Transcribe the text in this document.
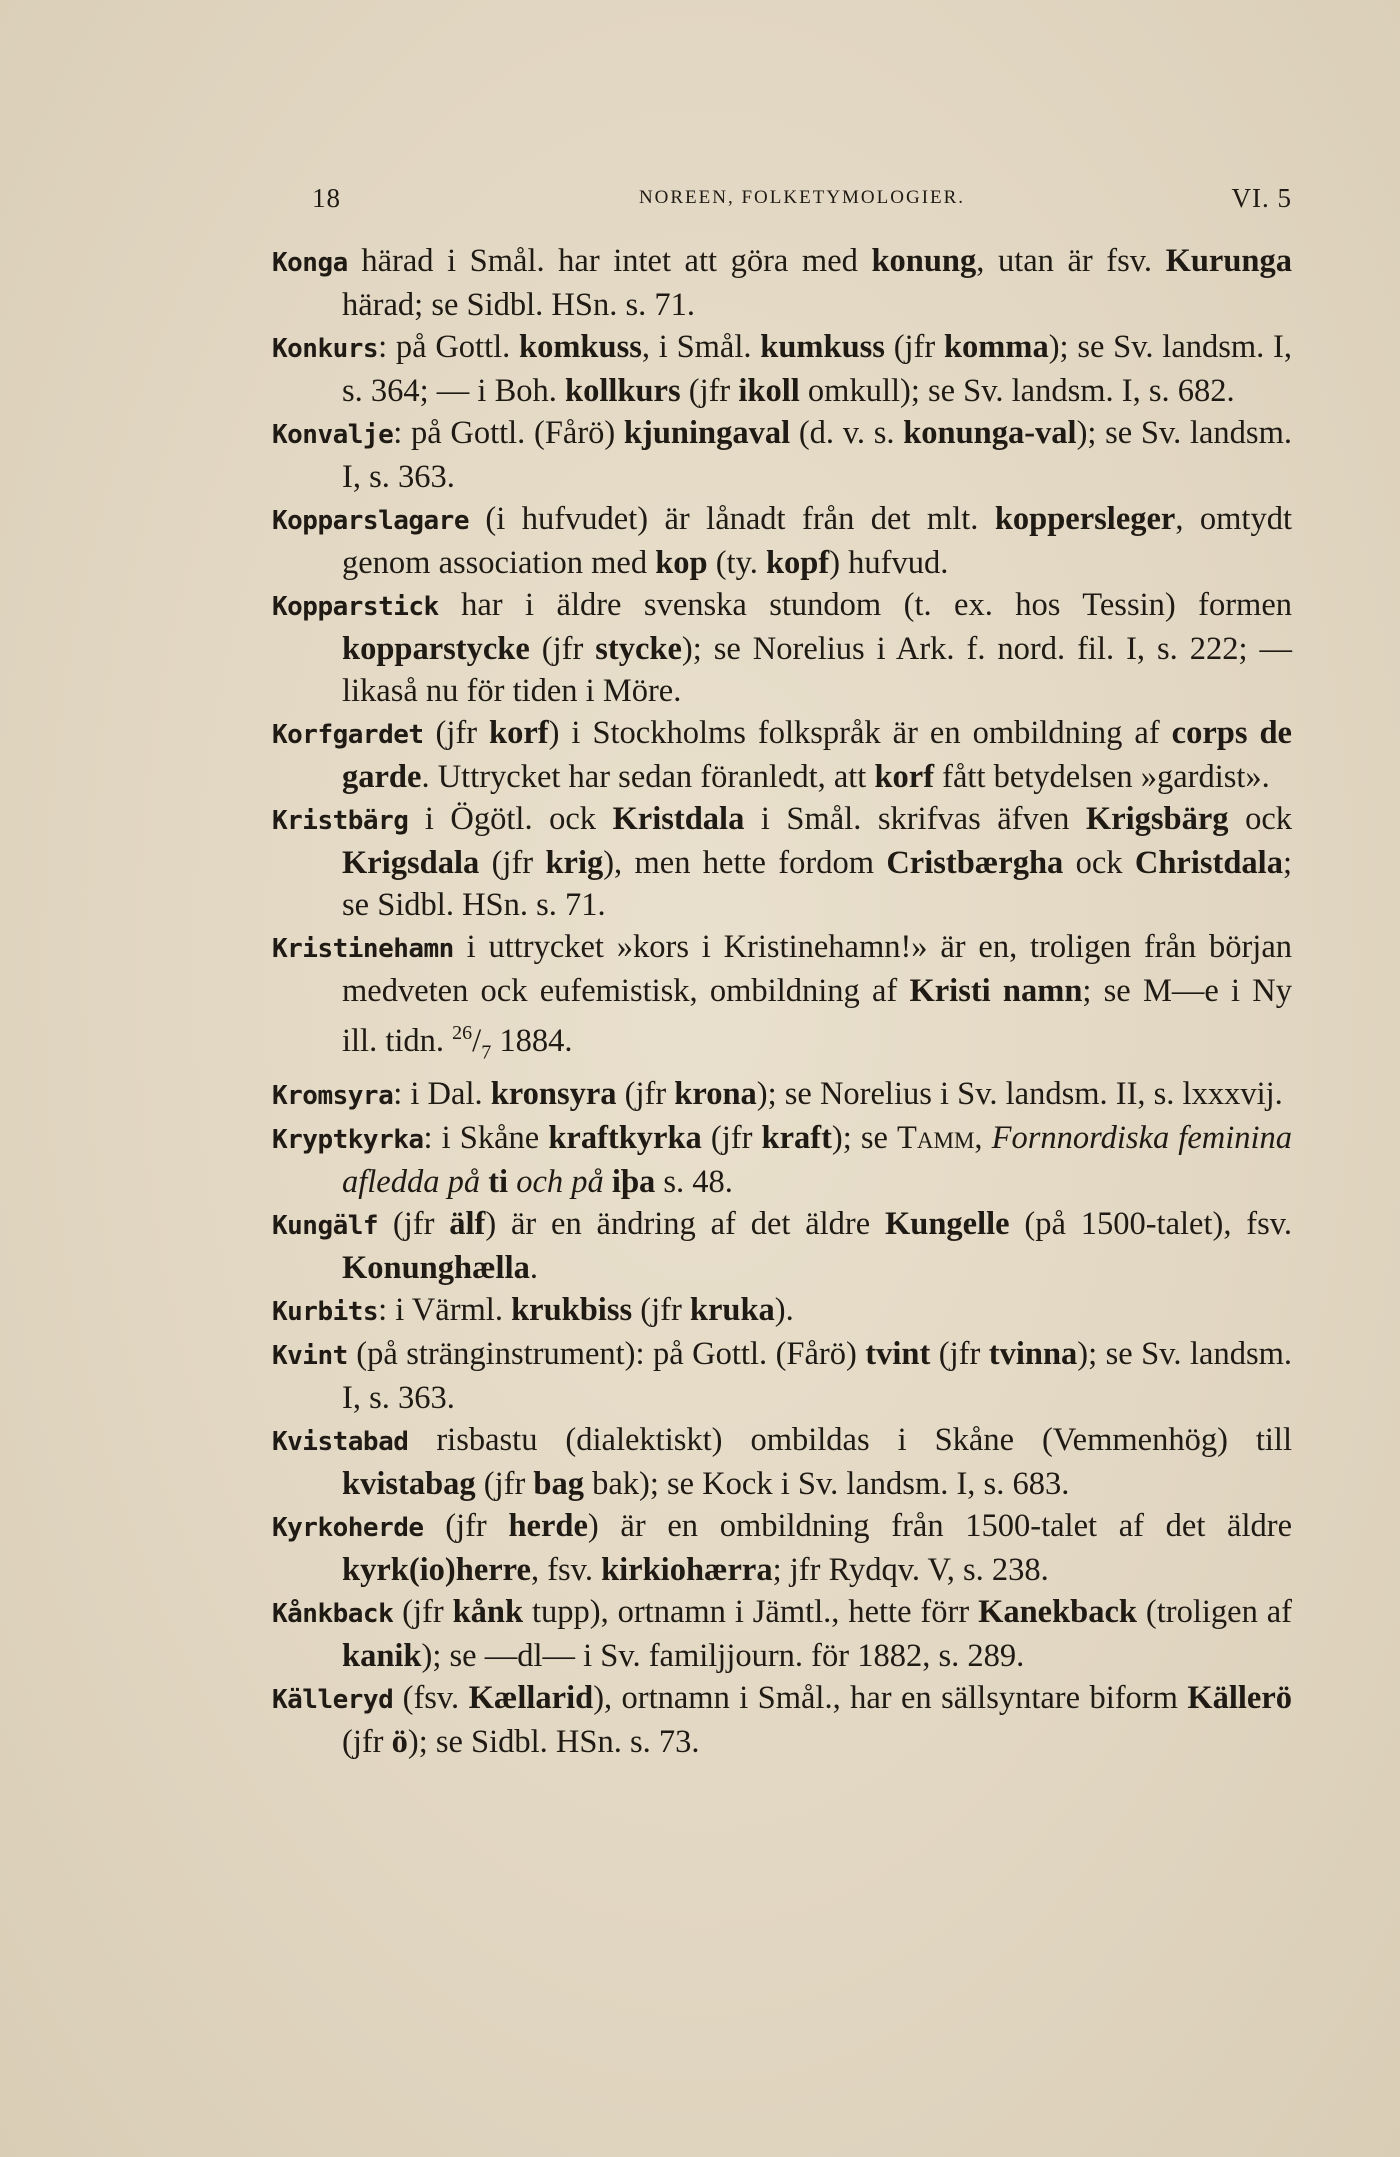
18	NOREEN, FOLKETYMOLOGIER.	VI. 5

Konga härad i Smål. har intet att göra med konung, utan är fsv. Kurunga härad; se Sidbl. HSn. s. 71.

Konkurs: på Gottl. komkuss, i Smål. kumkuss (jfr komma); se Sv. landsm. I, s. 364; — i Boh. kollkurs (jfr ikoll omkull); se Sv. landsm. I, s. 682.

Konvalje: på Gottl. (Fårö) kjuningaval (d. v. s. konunga-val); se Sv. landsm. I, s. 363.

Kopparslagare (i hufvudet) är lånadt från det mlt. koppersleger, omtydt genom association med kop (ty. kopf) hufvud.

Kopparstick har i äldre svenska stundom (t. ex. hos Tessin) formen kopparstycke (jfr stycke); se Norelius i Ark. f. nord. fil. I, s. 222; — likaså nu för tiden i Möre.

Korfgardet (jfr korf) i Stockholms folkspråk är en ombildning af corps de garde. Uttrycket har sedan föranledt, att korf fått betydelsen »gardist».

Kristbärg i Ögötl. ock Kristdala i Smål. skrifvas äfven Krigsbärg ock Krigsdala (jfr krig), men hette fordom Cristbærgha ock Christdala; se Sidbl. HSn. s. 71.

Kristinehamn i uttrycket »kors i Kristinehamn!» är en, troligen från början medveten ock eufemistisk, ombildning af Kristi namn; se M—e i Ny ill. tidn. $^{26}/_7$ 1884.

Kromsyra: i Dal. kronsyra (jfr krona); se Norelius i Sv. landsm. II, s. lxxxvij.

Kryptkyrka: i Skåne kraftkyrka (jfr kraft); se Tamm, Fornnordiska feminina afledda på ti och på iþa s. 48.

Kungälf (jfr älf) är en ändring af det äldre Kungelle (på 1500-talet), fsv. Konunghælla.

Kurbits: i Värml. krukbiss (jfr kruka).

Kvint (på stränginstrument): på Gottl. (Fårö) tvint (jfr tvinna); se Sv. landsm. I, s. 363.

Kvistabad risbastu (dialektiskt) ombildas i Skåne (Vemmenhög) till kvistabag (jfr bag bak); se Kock i Sv. landsm. I, s. 683.

Kyrkoherde (jfr herde) är en ombildning från 1500-talet af det äldre kyrk(io)herre, fsv. kirkiohærra; jfr Rydqv. V, s. 238.

Kånkback (jfr kånk tupp), ortnamn i Jämtl., hette förr Kanekback (troligen af kanik); se —dl— i Sv. familjjourn. för 1882, s. 289.

Källeryd (fsv. Kællarid), ortnamn i Smål., har en sällsyntare biform Källerö (jfr ö); se Sidbl. HSn. s. 73.
